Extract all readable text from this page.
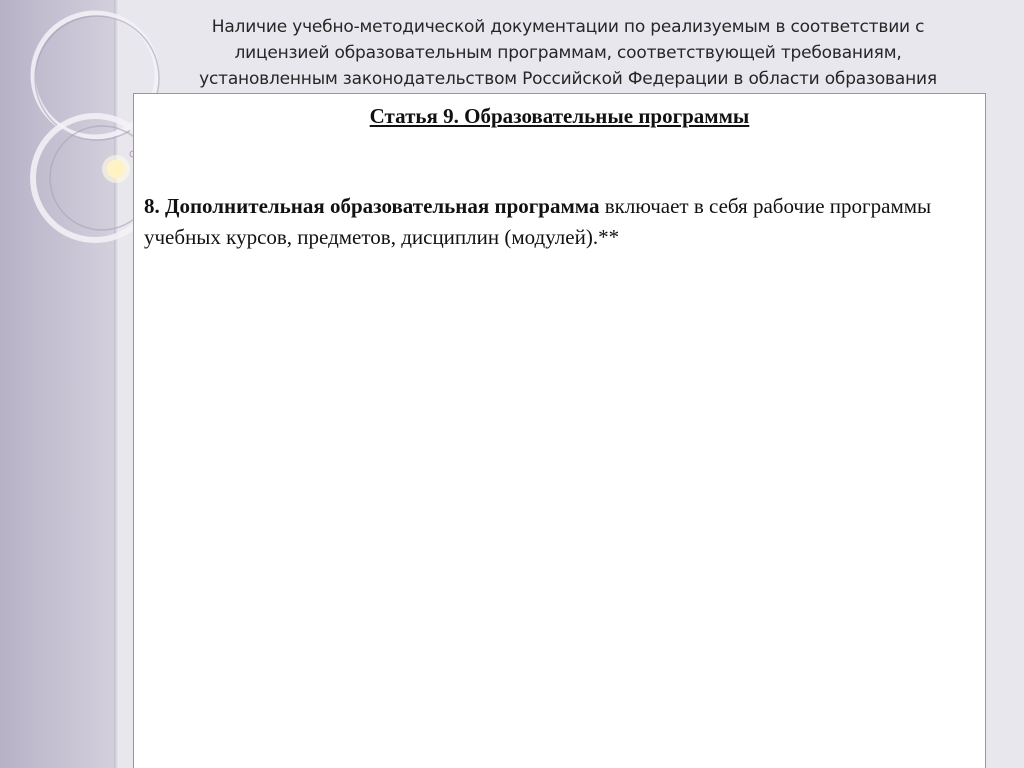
Наличие учебно-методической документации по реализуемым в соответствии с
лицензией образовательным программам, соответствующей требованиям,
установленным законодательством Российской Федерации в области образования
Статья 9. Образовательные программы
8. Дополнительная образовательная программа включает в себя рабочие программы учебных курсов, предметов, дисциплин (модулей).**
